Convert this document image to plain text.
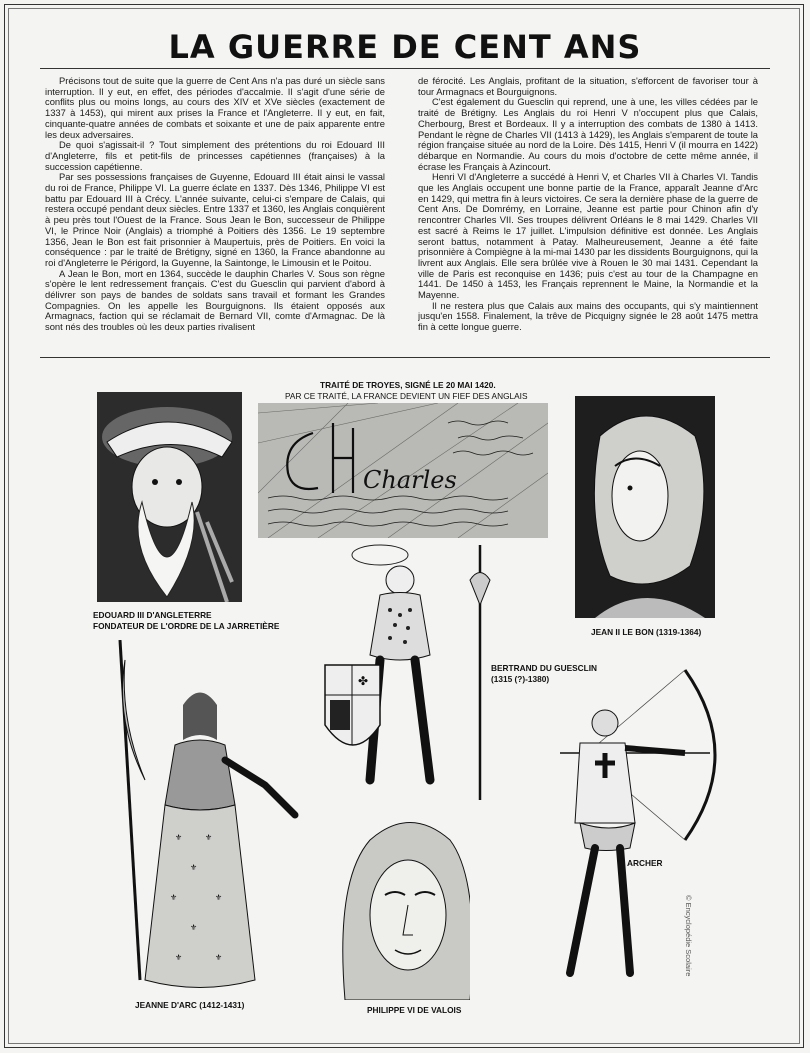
LA GUERRE DE CENT ANS

Précisons tout de suite que la guerre de Cent Ans n'a pas duré un siècle sans interruption. Il y eut, en effet, des périodes d'accalmie. Il s'agit d'une série de conflits plus ou moins longs, au cours des XIV et XVe siècles (exactement de 1337 à 1453), qui mirent aux prises la France et l'Angleterre. Il y eut, en fait, cinquante-quatre années de combats et soixante et une de paix apparente entre les deux adversaires.

De quoi s'agissait-il ? Tout simplement des prétentions du roi Edouard III d'Angleterre, fils et petit-fils de princesses capétiennes (françaises) à la succession capétienne.

Par ses possessions françaises de Guyenne, Edouard III était ainsi le vassal du roi de France, Philippe VI. La guerre éclate en 1337. Dès 1346, Philippe VI est battu par Edouard III à Crécy. L'année suivante, celui-ci s'empare de Calais, qui restera occupé pendant deux siècles. Entre 1337 et 1360, les Anglais conquièrent à peu près tout l'Ouest de la France. Sous Jean le Bon, successeur de Philippe VI, le Prince Noir (Anglais) a triomphé à Poitiers dès 1356. Le 19 septembre 1356, Jean le Bon est fait prisonnier à Maupertuis, près de Poitiers. En voici la conséquence : par le traité de Brétigny, signé en 1360, la France abandonne au roi d'Angleterre le Périgord, la Guyenne, la Saintonge, le Limousin et le Poitou.

A Jean le Bon, mort en 1364, succède le dauphin Charles V. Sous son règne s'opère le lent redressement français. C'est du Guesclin qui parvient d'abord à délivrer son pays de bandes de soldats sans travail et formant les Grandes Compagnies. On les appelle les Bourguignons. Ils étaient opposés aux Armagnacs, faction qui se réclamait de Bernard VII, comte d'Armagnac. De là sont nés des troubles où les deux parties rivalisent

de férocité. Les Anglais, profitant de la situation, s'efforcent de favoriser tour à tour Armagnacs et Bourguignons.

C'est également du Guesclin qui reprend, une à une, les villes cédées par le traité de Brétigny. Les Anglais du roi Henri V n'occupent plus que Calais, Cherbourg, Brest et Bordeaux. Il y a interruption des combats de 1380 à 1413. Pendant le règne de Charles VII (1413 à 1429), les Anglais s'emparent de toute la région française située au nord de la Loire. Dès 1415, Henri V (il mourra en 1422) débarque en Normandie. Au cours du mois d'octobre de cette même année, il écrase les Français à Azincourt.

Henri VI d'Angleterre a succédé à Henri V, et Charles VII à Charles VI. Tandis que les Anglais occupent une bonne partie de la France, apparaît Jeanne d'Arc en 1429, qui mettra fin à leurs victoires. Ce sera la dernière phase de la guerre de Cent Ans. De Domrémy, en Lorraine, Jeanne est partie pour Chinon afin d'y rencontrer Charles VII. Ses troupes délivrent Orléans le 8 mai 1429. Charles VII est sacré à Reims le 17 juillet. L'impulsion définitive est donnée. Les Anglais seront battus, notamment à Patay. Malheureusement, Jeanne a été faite prisonnière à Compiègne à la mi-mai 1430 par les dissidents Bourguignons, qui la livrent aux Anglais. Elle sera brûlée vive à Rouen le 30 mai 1431. Cependant la ville de Paris est reconquise en 1436; puis c'est au tour de la Champagne en 1441. De 1450 à 1453, les Français reprennent le Maine, la Normandie et la Mayenne.

Il ne restera plus que Calais aux mains des occupants, qui s'y maintiennent jusqu'en 1558. Finalement, la trêve de Picquigny signée le 28 août 1475 mettra fin à cette longue guerre.

TRAITÉ DE TROYES, SIGNÉ LE 20 MAI 1420.
PAR CE TRAITÉ, LA FRANCE DEVIENT UN FIEF DES ANGLAIS
Charles
EDOUARD III D'ANGLETERRE
FONDATEUR DE L'ORDRE DE LA JARRETIÈRE
JEAN II LE BON (1319-1364)
✤
BERTRAND DU GUESCLIN
(1315 (?)-1380)
⚜	⚜
⚜
⚜	⚜
⚜
⚜	⚜
JEANNE D'ARC (1412-1431)	PHILIPPE VI DE VALOIS
ARCHER
© Encyclopédie Scolaire
